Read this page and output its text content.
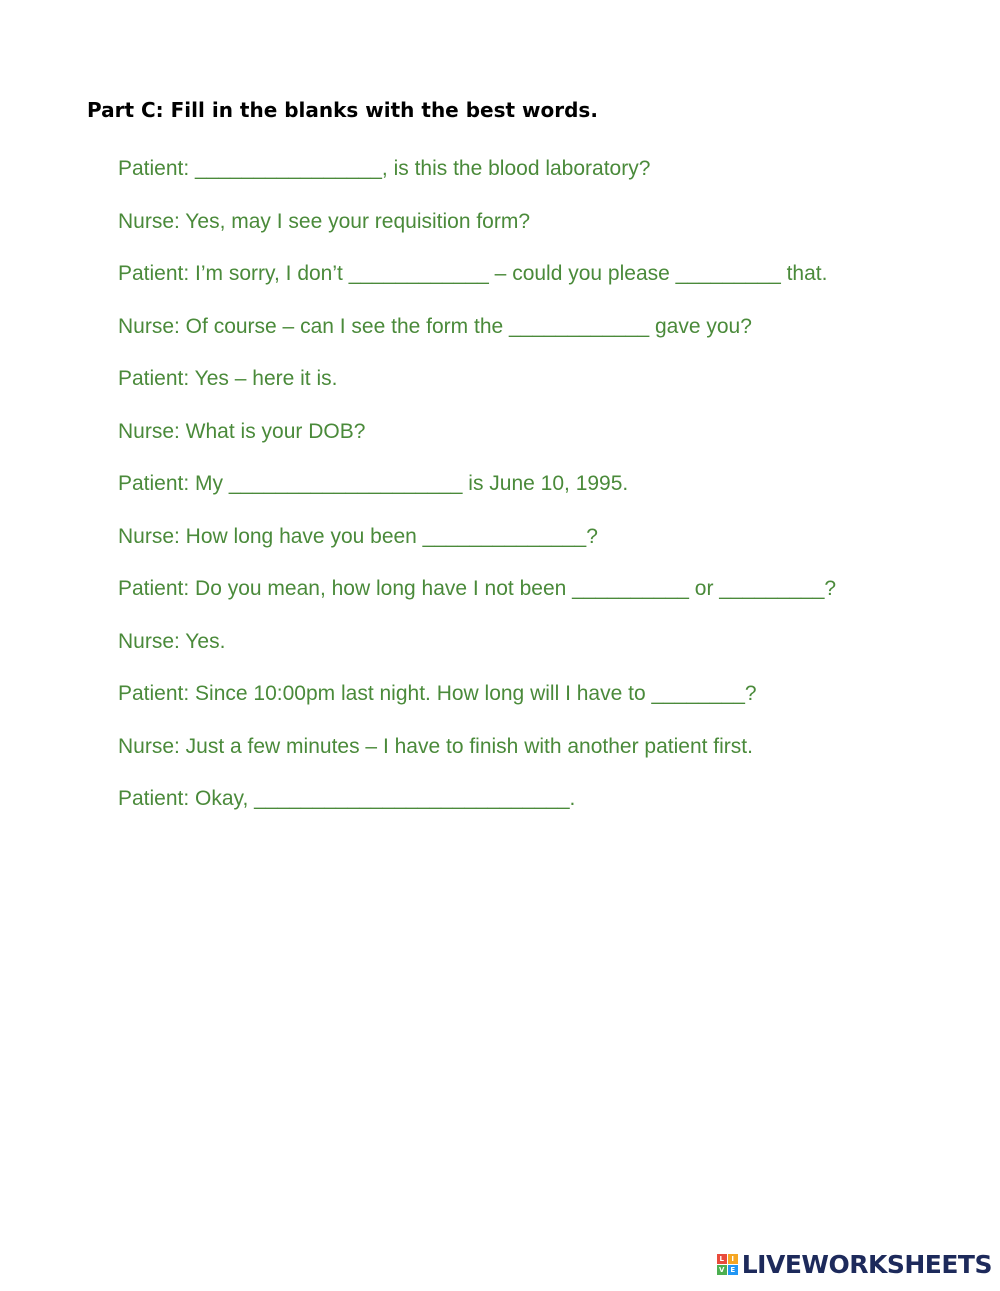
Part C: Fill in the blanks with the best words.
Patient: ________________, is this the blood laboratory?
Nurse: Yes, may I see your requisition form?
Patient: I’m sorry, I don’t ____________ – could you please _________ that.
Nurse: Of course – can I see the form the ____________ gave you?
Patient: Yes – here it is.
Nurse: What is your DOB?
Patient: My ____________________ is June 10, 1995.
Nurse: How long have you been ______________?
Patient: Do you mean, how long have I not been __________ or _________?
Nurse: Yes.
Patient: Since 10:00pm last night. How long will I have to ________?
Nurse: Just a few minutes – I have to finish with another patient first.
Patient: Okay, ___________________________.
L	I
V E LIVEWORKSHEETS
